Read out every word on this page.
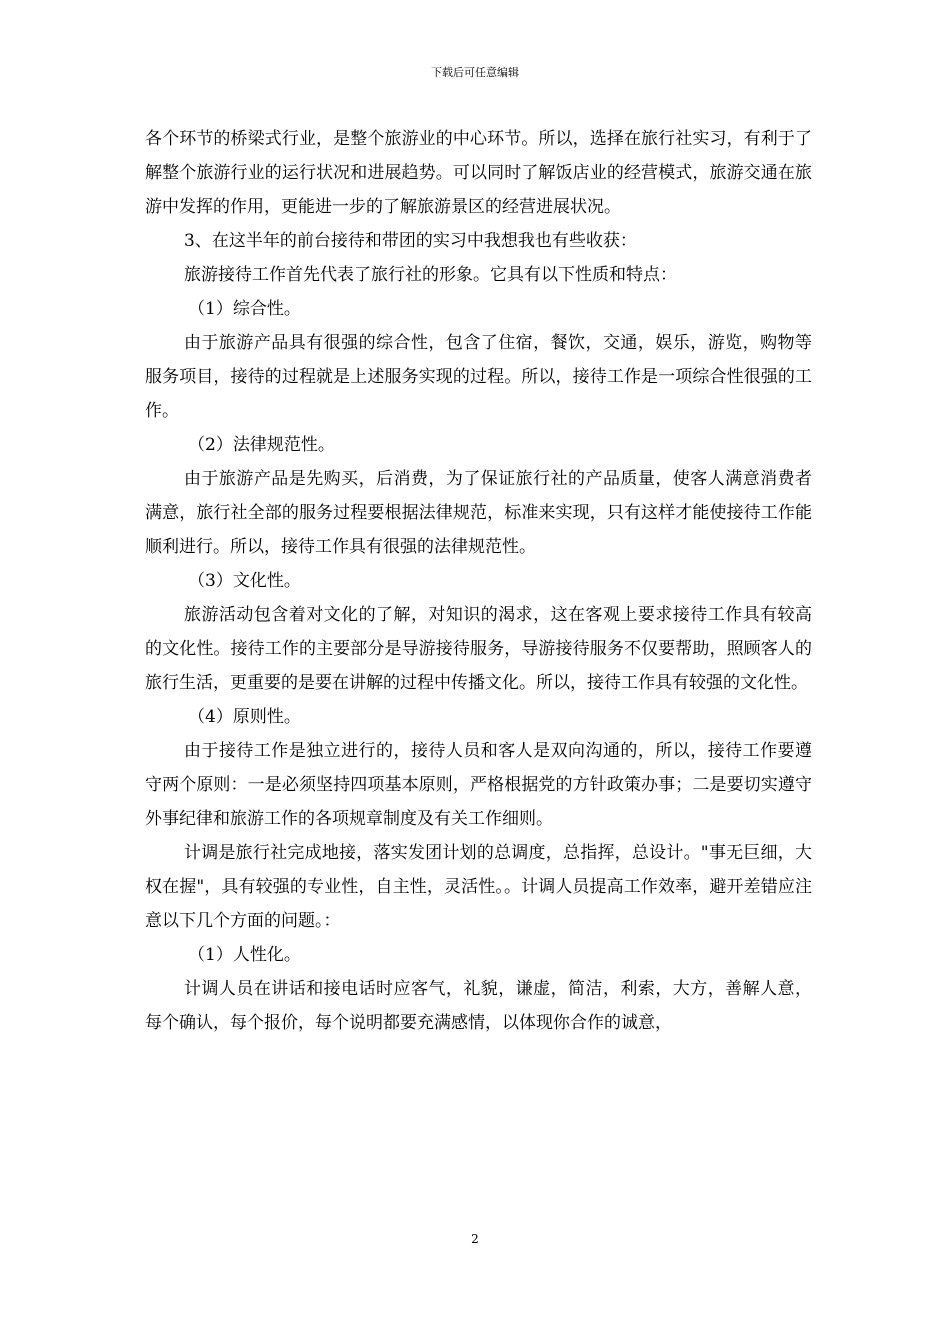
下载后可任意编辑

各个环节的桥梁式行业，是整个旅游业的中心环节。所以，选择在旅行社实习，有利于了解整个旅游行业的运行状况和进展趋势。可以同时了解饭店业的经营模式，旅游交通在旅游中发挥的作用，更能进一步的了解旅游景区的经营进展状况。

3、在这半年的前台接待和带团的实习中我想我也有些收获：

旅游接待工作首先代表了旅行社的形象。它具有以下性质和特点：

（1）综合性。

由于旅游产品具有很强的综合性，包含了住宿，餐饮，交通，娱乐，游览，购物等服务项目，接待的过程就是上述服务实现的过程。所以，接待工作是一项综合性很强的工作。

（2）法律规范性。

由于旅游产品是先购买，后消费，为了保证旅行社的产品质量，使客人满意消费者满意，旅行社全部的服务过程要根据法律规范，标准来实现，只有这样才能使接待工作能顺利进行。所以，接待工作具有很强的法律规范性。

（3）文化性。

旅游活动包含着对文化的了解，对知识的渴求，这在客观上要求接待工作具有较高的文化性。接待工作的主要部分是导游接待服务，导游接待服务不仅要帮助，照顾客人的旅行生活，更重要的是要在讲解的过程中传播文化。所以，接待工作具有较强的文化性。

（4）原则性。

由于接待工作是独立进行的，接待人员和客人是双向沟通的，所以，接待工作要遵守两个原则：一是必须坚持四项基本原则，严格根据党的方针政策办事；二是要切实遵守外事纪律和旅游工作的各项规章制度及有关工作细则。

计调是旅行社完成地接，落实发团计划的总调度，总指挥，总设计。"事无巨细，大权在握"，具有较强的专业性，自主性，灵活性。。计调人员提高工作效率，避开差错应注意以下几个方面的问题。：

（1）人性化。

计调人员在讲话和接电话时应客气，礼貌，谦虚，简洁，利索，大方，善解人意，每个确认，每个报价，每个说明都要充满感情，以体现你合作的诚意，

2
